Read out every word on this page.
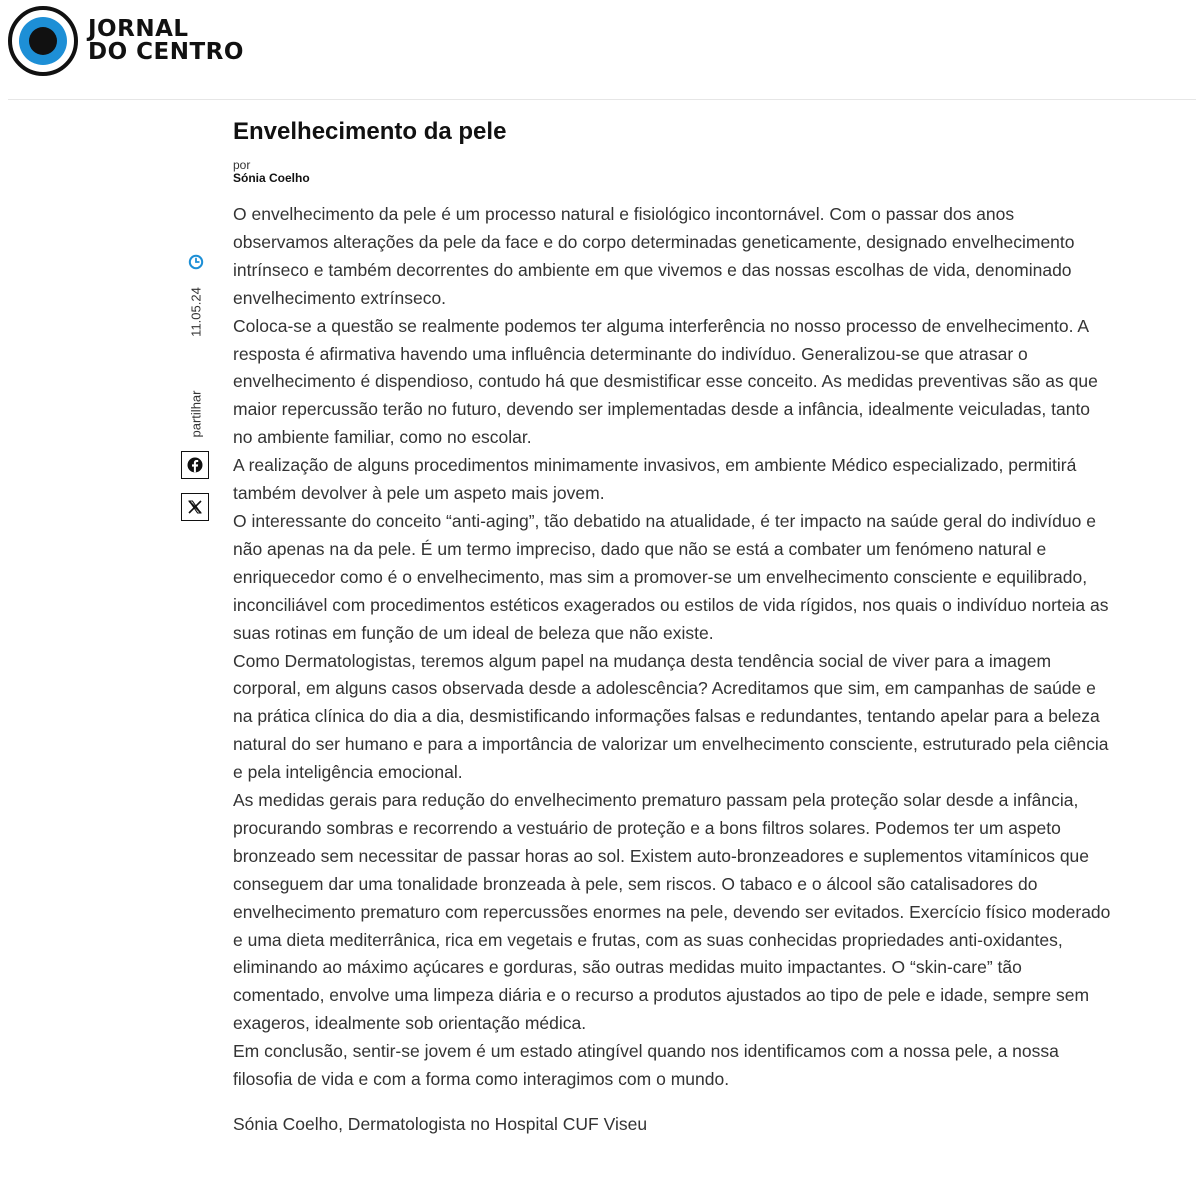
JORNAL
DO CENTRO
11.05.24
partilhar
Envelhecimento da pele
por
Sónia Coelho

O envelhecimento da pele é um processo natural e fisiológico incontornável. Com o passar dos anos observamos alterações da pele da face e do corpo determinadas geneticamente, designado envelhecimento intrínseco e também decorrentes do ambiente em que vivemos e das nossas escolhas de vida, denominado envelhecimento extrínseco.

Coloca-se a questão se realmente podemos ter alguma interferência no nosso processo de envelhecimento. A resposta é afirmativa havendo uma influência determinante do indivíduo. Generalizou-se que atrasar o envelhecimento é dispendioso, contudo há que desmistificar esse conceito. As medidas preventivas são as que maior repercussão terão no futuro, devendo ser implementadas desde a infância, idealmente veiculadas, tanto no ambiente familiar, como no escolar.

A realização de alguns procedimentos minimamente invasivos, em ambiente Médico especializado, permitirá também devolver à pele um aspeto mais jovem.

O interessante do conceito “anti-aging”, tão debatido na atualidade, é ter impacto na saúde geral do indivíduo e não apenas na da pele. É um termo impreciso, dado que não se está a combater um fenómeno natural e enriquecedor como é o envelhecimento, mas sim a promover-se um envelhecimento consciente e equilibrado, inconciliável com procedimentos estéticos exagerados ou estilos de vida rígidos, nos quais o indivíduo norteia as suas rotinas em função de um ideal de beleza que não existe.

Como Dermatologistas, teremos algum papel na mudança desta tendência social de viver para a imagem corporal, em alguns casos observada desde a adolescência? Acreditamos que sim, em campanhas de saúde e na prática clínica do dia a dia, desmistificando informações falsas e redundantes, tentando apelar para a beleza natural do ser humano e para a importância de valorizar um envelhecimento consciente, estruturado pela ciência e pela inteligência emocional.

As medidas gerais para redução do envelhecimento prematuro passam pela proteção solar desde a infância, procurando sombras e recorrendo a vestuário de proteção e a bons filtros solares. Podemos ter um aspeto bronzeado sem necessitar de passar horas ao sol. Existem auto-bronzeadores e suplementos vitamínicos que conseguem dar uma tonalidade bronzeada à pele, sem riscos. O tabaco e o álcool são catalisadores do envelhecimento prematuro com repercussões enormes na pele, devendo ser evitados. Exercício físico moderado e uma dieta mediterrânica, rica em vegetais e frutas, com as suas conhecidas propriedades anti-oxidantes, eliminando ao máximo açúcares e gorduras, são outras medidas muito impactantes. O “skin-care” tão comentado, envolve uma limpeza diária e o recurso a produtos ajustados ao tipo de pele e idade, sempre sem exageros, idealmente sob orientação médica.

Em conclusão, sentir-se jovem é um estado atingível quando nos identificamos com a nossa pele, a nossa filosofia de vida e com a forma como interagimos com o mundo.

Sónia Coelho, Dermatologista no Hospital CUF Viseu
